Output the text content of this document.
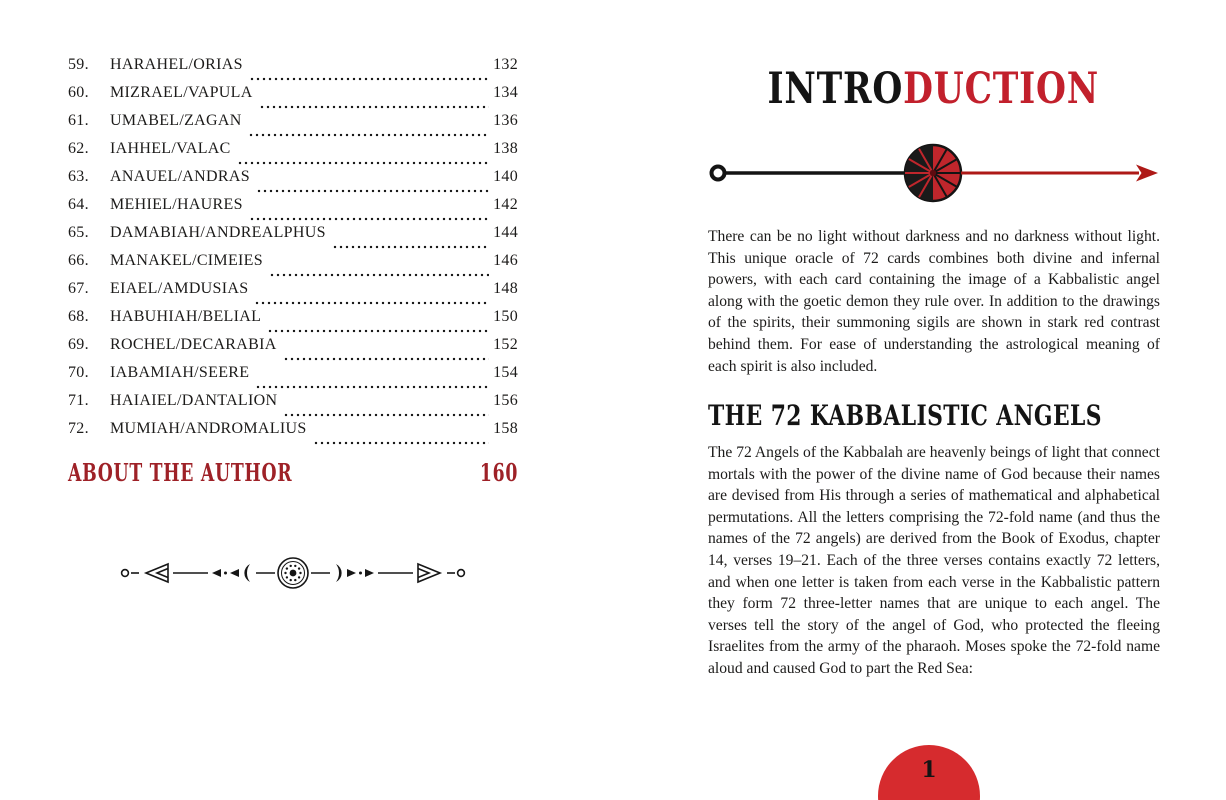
59.	HARAHEL/ORIAS	132
60.	MIZRAEL/VAPULA	134
61.	UMABEL/ZAGAN	136
62.	IAHHEL/VALAC	138
63.	ANAUEL/ANDRAS	140
64.	MEHIEL/HAURES	142
65.	DAMABIAH/ANDREALPHUS	144
66.	MANAKEL/CIMEIES	146
67.	EIAEL/AMDUSIAS	148
68.	HABUHIAH/BELIAL	150
69.	ROCHEL/DECARABIA	152
70.	IABAMIAH/SEERE	154
71.	HAIAIEL/DANTALION	156
72.	MUMIAH/ANDROMALIUS	158
ABOUT THE AUTHOR	160
INTRODUCTION

There can be no light without darkness and no darkness without light. This unique oracle of 72 cards combines both divine and infernal powers, with each card containing the image of a Kabbalistic angel along with the goetic demon they rule over. In addition to the drawings of the spirits, their summoning sigils are shown in stark red contrast behind them. For ease of understanding the astrological meaning of each spirit is also included.

THE 72 KABBALISTIC ANGELS

The 72 Angels of the Kabbalah are heavenly beings of light that connect mortals with the power of the divine name of God because their names are devised from His through a series of mathematical and alphabetical permutations. All the letters comprising the 72-fold name (and thus the names of the 72 angels) are derived from the Book of Exodus, chapter 14, verses 19–21. Each of the three verses contains exactly 72 letters, and when one letter is taken from each verse in the Kabbalistic pattern they form 72 three-letter names that are unique to each angel. The verses tell the story of the angel of God, who protected the fleeing Israelites from the army of the pharaoh. Moses spoke the 72-fold name aloud and caused God to part the Red Sea:

1
